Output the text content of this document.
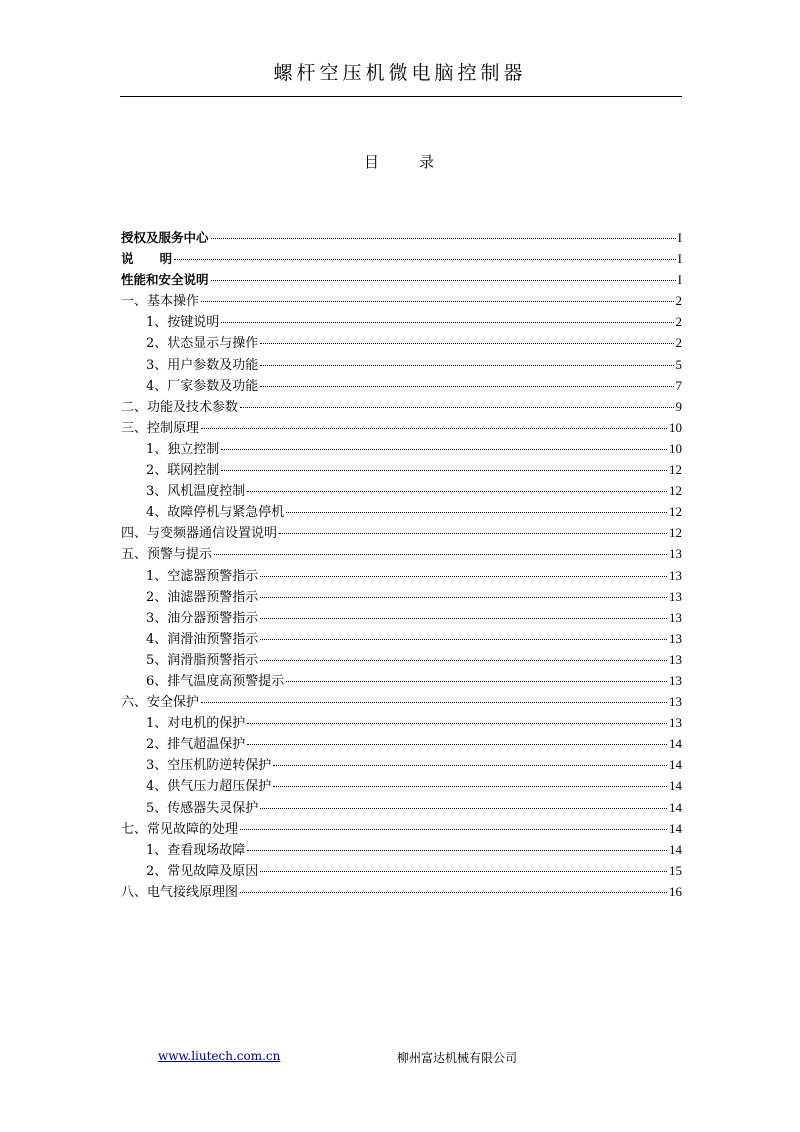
螺杆空压机微电脑控制器
目	录
授权及服务中心	I
说      明	I
性能和安全说明	I
一、基本操作	2
1、按键说明	2
2、状态显示与操作	2
3、用户参数及功能	5
4、厂家参数及功能	7
二、功能及技术参数	9
三、控制原理	10
1、独立控制	10
2、联网控制	12
3、风机温度控制	12
4、故障停机与紧急停机	12
四、与变频器通信设置说明	12
五、预警与提示	13
1、空滤器预警指示	13
2、油滤器预警指示	13
3、油分器预警指示	13
4、润滑油预警指示	13
5、润滑脂预警指示	13
6、排气温度高预警提示	13
六、安全保护	13
1、对电机的保护	13
2、排气超温保护	14
3、空压机防逆转保护	14
4、供气压力超压保护	14
5、传感器失灵保护	14
七、常见故障的处理	14
1、查看现场故障	14
2、常见故障及原因	15
八、电气接线原理图	16
www.liutech.com.cn	柳州富达机械有限公司
